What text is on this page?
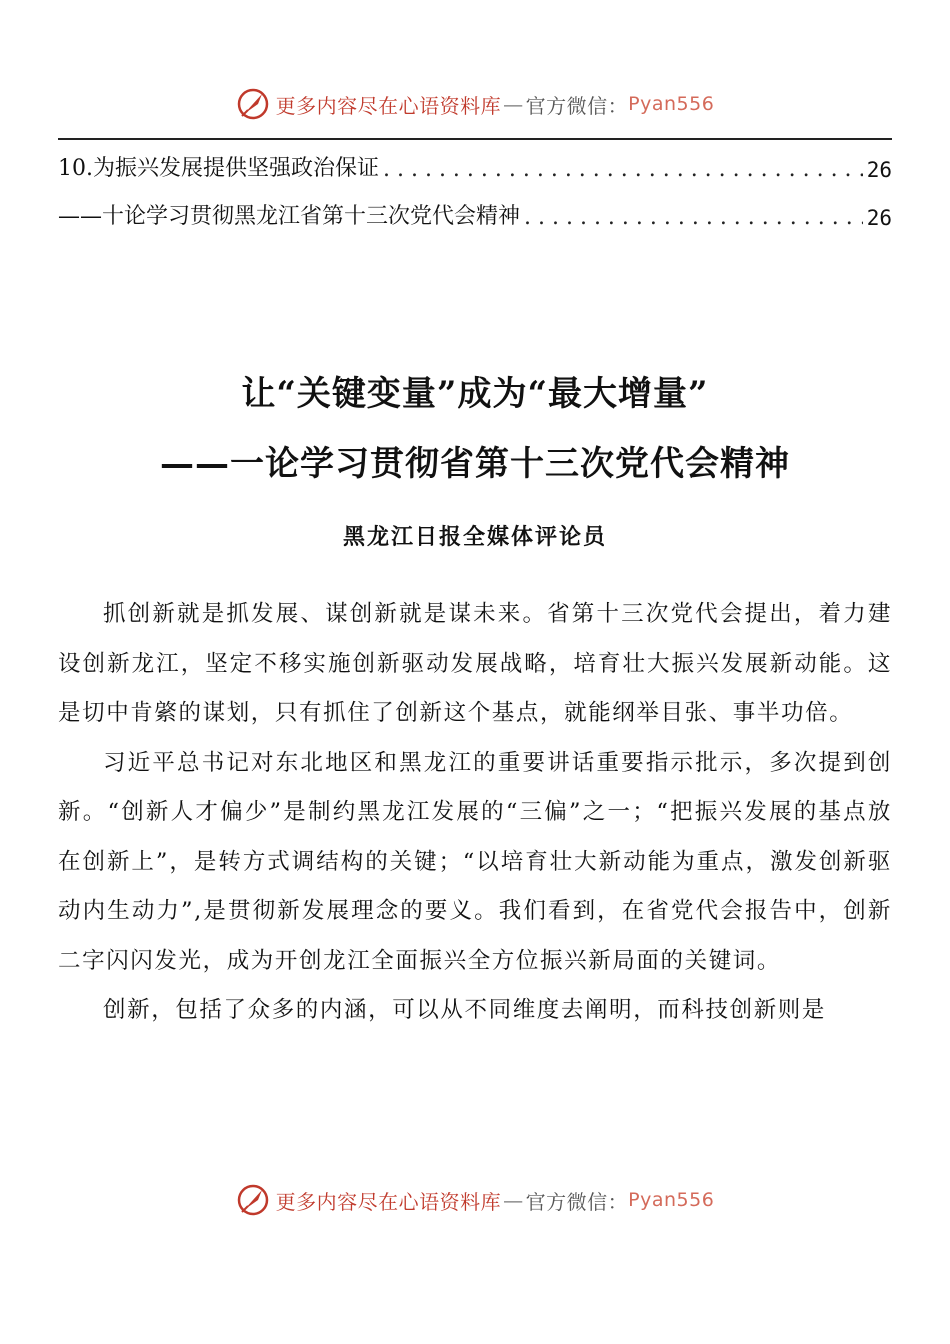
更多内容尽在心语资料库 — 官方微信： Pyan556
10.为振兴发展提供坚强政治保证 . . .	26
——十论学习贯彻黑龙江省第十三次党代会精神 . . .	26
让“关键变量”成为“最大增量”
——一论学习贯彻省第十三次党代会精神
黑龙江日报全媒体评论员

抓创新就是抓发展、谋创新就是谋未来。省第十三次党代会提出，着力建设创新龙江，坚定不移实施创新驱动发展战略，培育壮大振兴发展新动能。这是切中肯綮的谋划，只有抓住了创新这个基点，就能纲举目张、事半功倍。

习近平总书记对东北地区和黑龙江的重要讲话重要指示批示，多次提到创新。“创新人才偏少”是制约黑龙江发展的“三偏”之一；“把振兴发展的基点放在创新上”，是转方式调结构的关键；“以培育壮大新动能为重点，激发创新驱动内生动力”,是贯彻新发展理念的要义。我们看到，在省党代会报告中，创新二字闪闪发光，成为开创龙江全面振兴全方位振兴新局面的关键词。

创新，包括了众多的内涵，可以从不同维度去阐明，而科技创新则是

更多内容尽在心语资料库 — 官方微信： Pyan556
